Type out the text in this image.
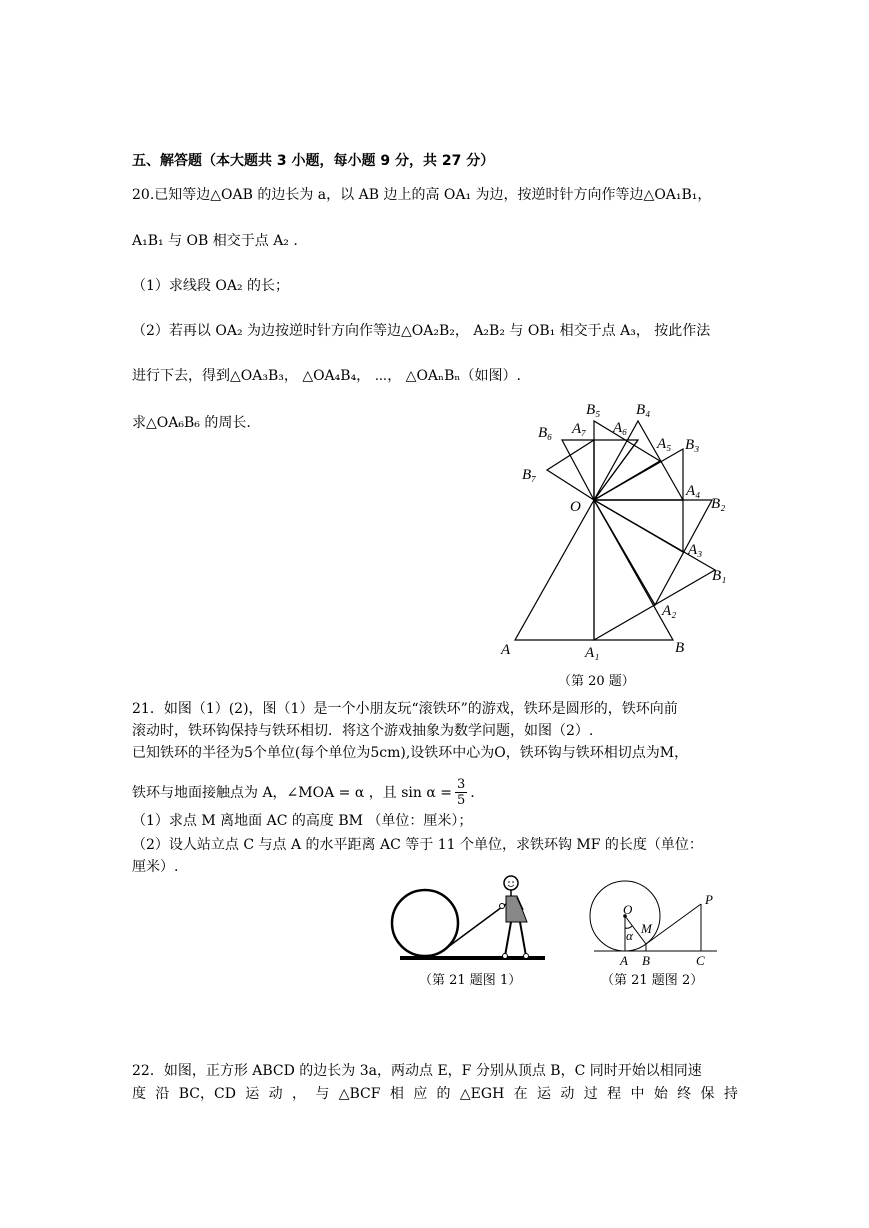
五、解答题（本大题共 3 小题，每小题 9 分，共 27 分）
20.已知等边△OAB 的边长为 a，以 AB 边上的高 OA₁ 为边，按逆时针方向作等边△OA₁B₁，
A₁B₁ 与 OB 相交于点 A₂ .
（1）求线段 OA₂ 的长；
（2）若再以 OA₂ 为边按逆时针方向作等边△OA₂B₂， A₂B₂ 与 OB₁ 相交于点 A₃， 按此作法
进行下去，得到△OA₃B₃， △OA₄B₄， ⋯， △OAₙBₙ（如图）.
求△OA₆B₆ 的周长.
O
A	B
A₁
A₂
A₃
A₄
A₅
A₆
A₇
B₁
B₂
B₃
B₄
B₅
B₆
B₇
（第 20 题）
21．如图（1）(2)，图（1）是一个小朋友玩“滚铁环”的游戏，铁环是圆形的，铁环向前
滚动时，铁环钩保持与铁环相切．将这个游戏抽象为数学问题，如图（2）.
已知铁环的半径为5个单位(每个单位为5cm),设铁环中心为O，铁环钩与铁环相切点为M，
铁环与地面接触点为 A，∠MOA = α ，且 $\sin \alpha = \frac{3}{5}$ .
（1）求点 M 离地面 AC 的高度 BM （单位：厘米）；
（2）设人站立点 C 与点 A 的水平距离 AC 等于 11 个单位，求铁环钩 MF 的长度（单位：
厘米）.
（第 21 题图 1）
O
M
α
A B	C
P
（第 21 题图 2）
22．如图，正方形 ABCD 的边长为 3a，两动点 E，F 分别从顶点 B，C 同时开始以相同速
度 沿 BC，CD 运 动 ， 与 △BCF 相 应 的 △EGH 在 运 动 过 程 中 始 终 保 持
